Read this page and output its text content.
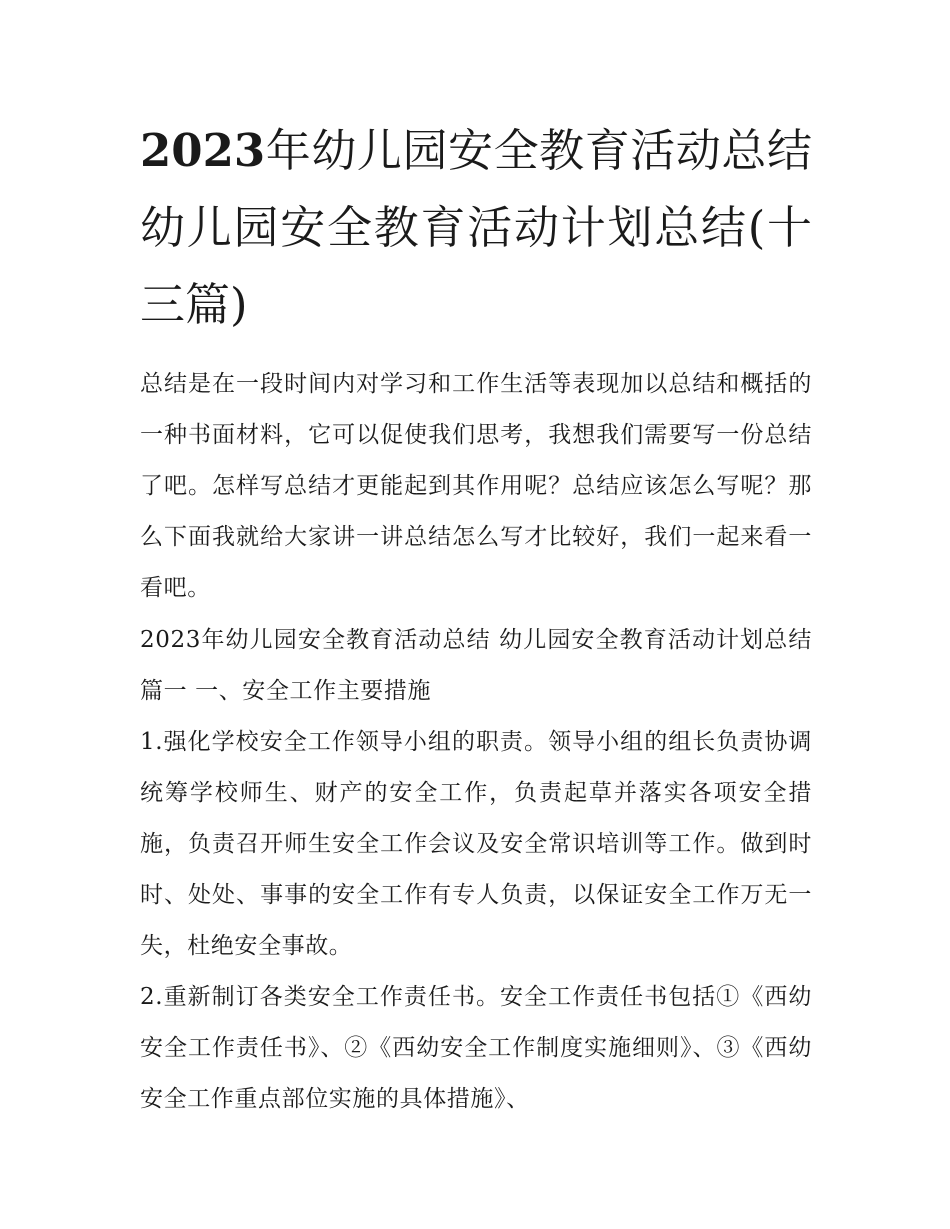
2023年幼儿园安全教育活动总结 幼儿园安全教育活动计划总结(十三篇)

总结是在一段时间内对学习和工作生活等表现加以总结和概括的一种书面材料，它可以促使我们思考，我想我们需要写一份总结了吧。怎样写总结才更能起到其作用呢？总结应该怎么写呢？那么下面我就给大家讲一讲总结怎么写才比较好，我们一起来看一看吧。

2023年幼儿园安全教育活动总结 幼儿园安全教育活动计划总结篇一 一、安全工作主要措施

1.强化学校安全工作领导小组的职责。领导小组的组长负责协调统筹学校师生、财产的安全工作，负责起草并落实各项安全措施，负责召开师生安全工作会议及安全常识培训等工作。做到时时、处处、事事的安全工作有专人负责，以保证安全工作万无一失，杜绝安全事故。

2.重新制订各类安全工作责任书。安全工作责任书包括①《西幼安全工作责任书》、②《西幼安全工作制度实施细则》、③《西幼安全工作重点部位实施的具体措施》、
